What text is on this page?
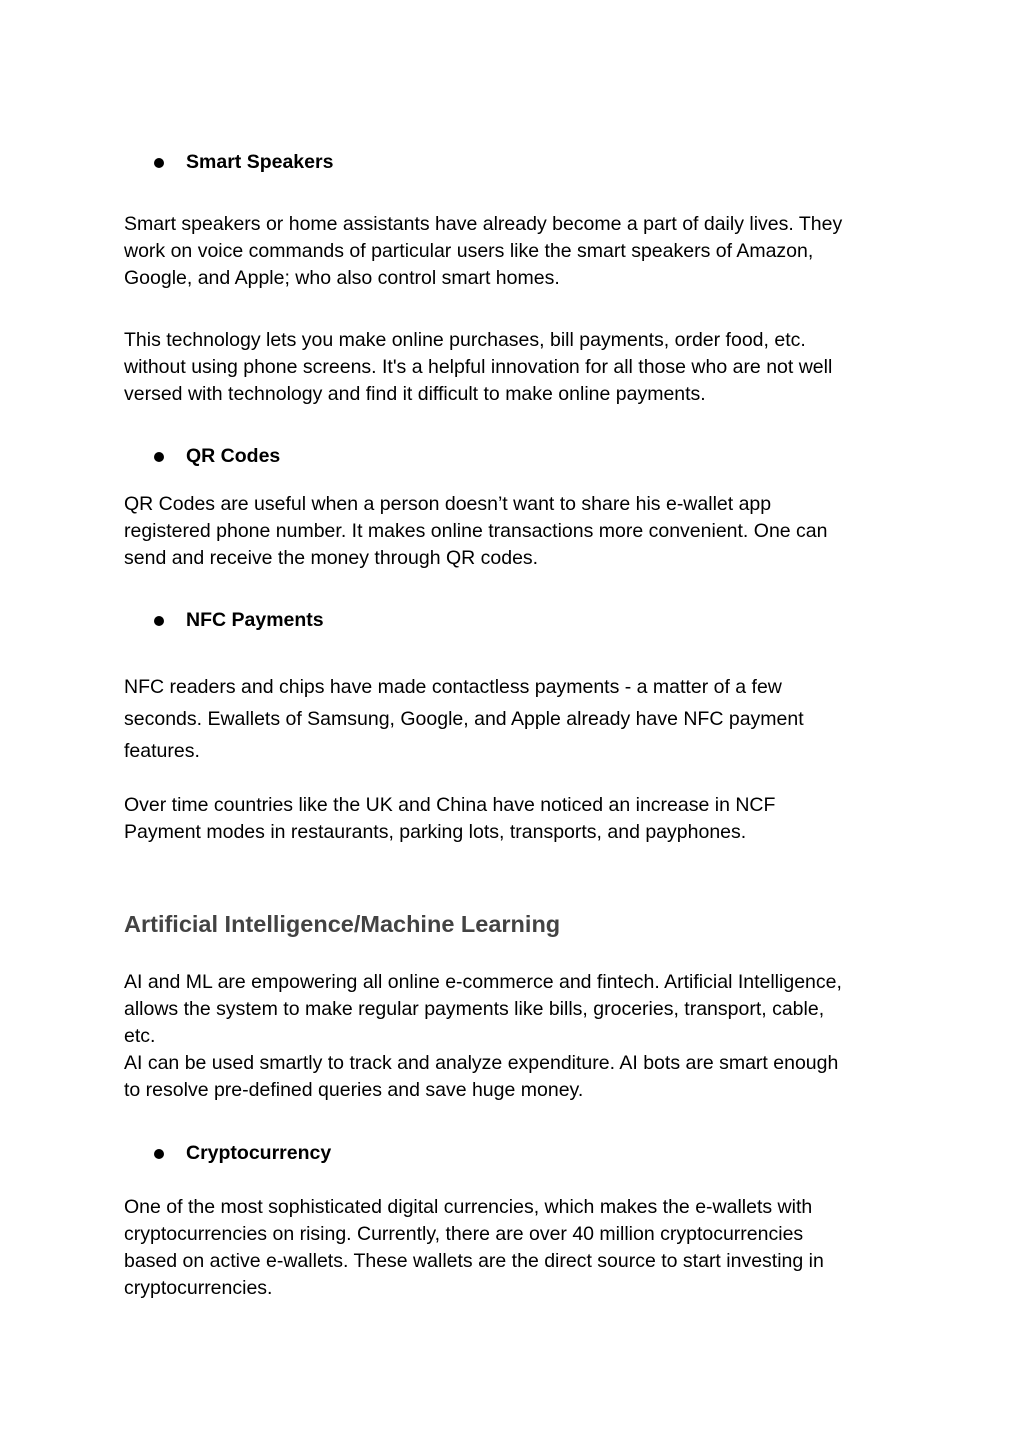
Smart Speakers

Smart speakers or home assistants have already become a part of daily lives. They
work on voice commands of particular users like the smart speakers of Amazon,
Google, and Apple; who also control smart homes.

This technology lets you make online purchases, bill payments, order food, etc.
without using phone screens. It's a helpful innovation for all those who are not well
versed with technology and find it difficult to make online payments.

QR Codes

QR Codes are useful when a person doesn’t want to share his e-wallet app
registered phone number. It makes online transactions more convenient. One can
send and receive the money through QR codes.

NFC Payments

NFC readers and chips have made contactless payments - a matter of a few
seconds. Ewallets of Samsung, Google, and Apple already have NFC payment
features.

Over time countries like the UK and China have noticed an increase in NCF
Payment modes in restaurants, parking lots, transports, and payphones.

Artificial Intelligence/Machine Learning

AI and ML are empowering all online e-commerce and fintech. Artificial Intelligence,
allows the system to make regular payments like bills, groceries, transport, cable,
etc.
AI can be used smartly to track and analyze expenditure. AI bots are smart enough
to resolve pre-defined queries and save huge money.

Cryptocurrency

One of the most sophisticated digital currencies, which makes the e-wallets with
cryptocurrencies on rising. Currently, there are over 40 million cryptocurrencies
based on active e-wallets. These wallets are the direct source to start investing in
cryptocurrencies.
